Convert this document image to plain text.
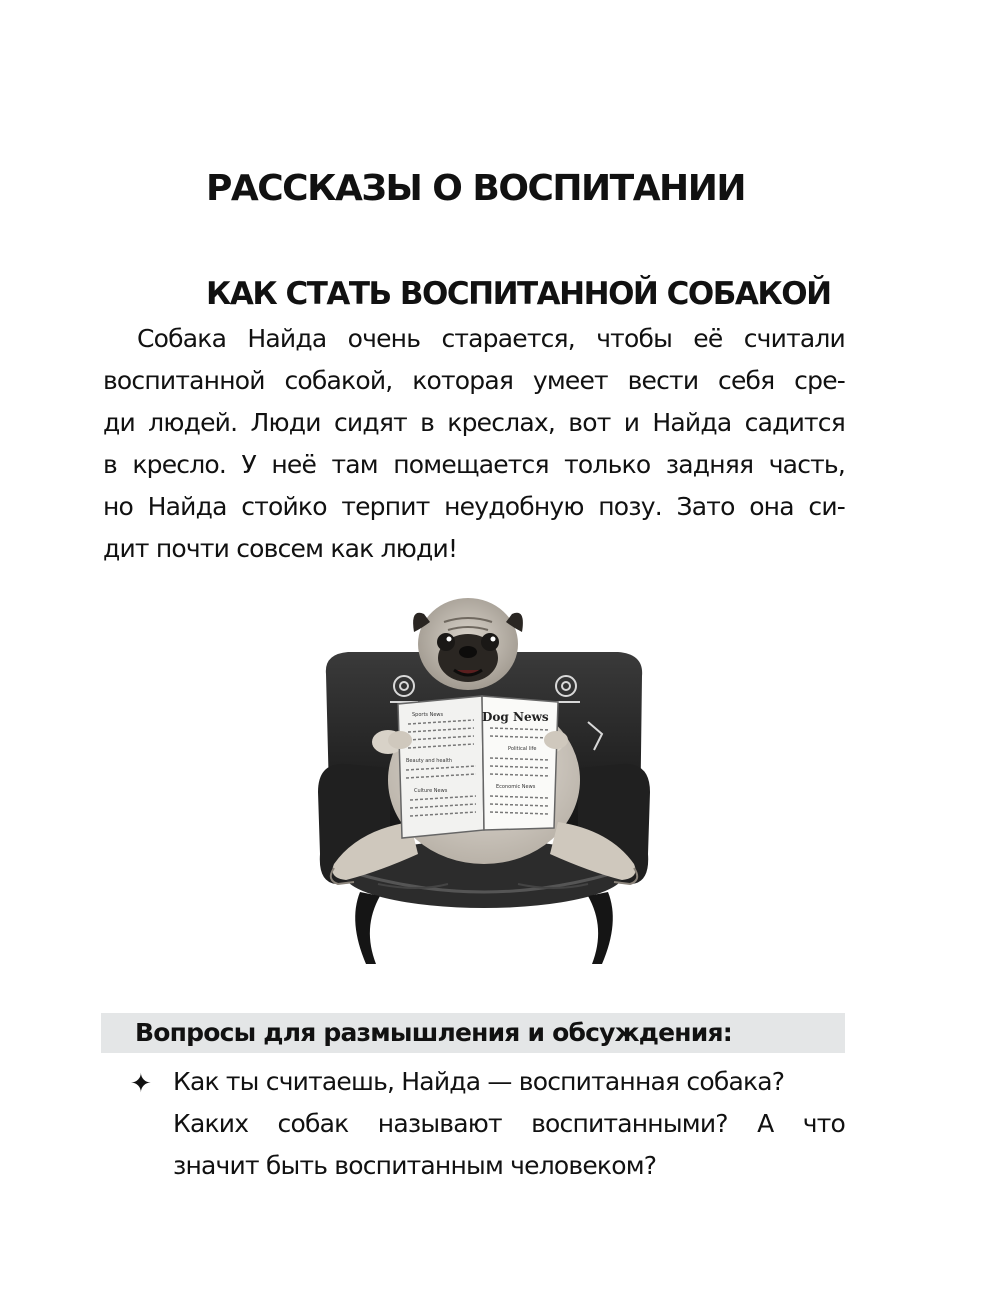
РАССКАЗЫ О ВОСПИТАНИИ
КАК СТАТЬ ВОСПИТАННОЙ СОБАКОЙ

Собака Найда очень старается, чтобы её считали
воспитанной собакой, которая умеет вести себя сре-
ди людей. Люди сидят в креслах, вот и Найда садится
в кресло. У неё там помещается только задняя часть,
но Найда стойко терпит неудобную позу. Зато она си-
дит почти совсем как люди!

Dog News
Sports News
Beauty and health
Culture News
Political life
Economic News
Вопросы для размышления и обсуждения:
✦ Как ты считаешь, Найда — воспитанная собака?
Каких собак называют воспитанными? А что
значит быть воспитанным человеком?
